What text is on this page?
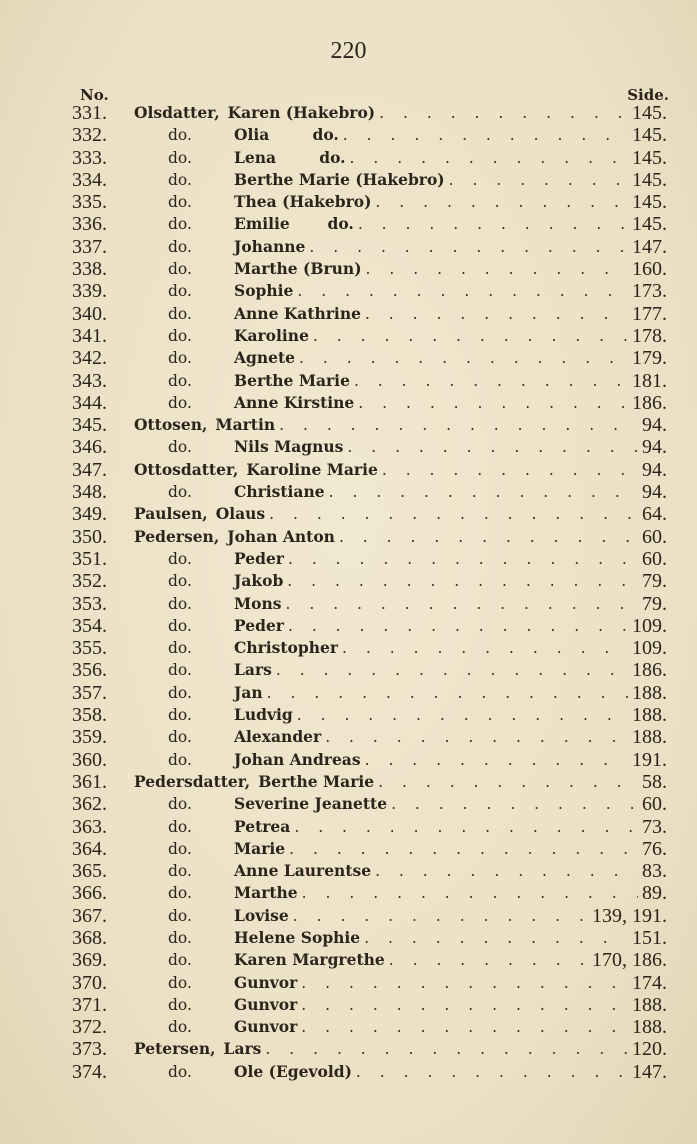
220
No.	Side.
331.	Olsdatter, Karen (Hakebro) . . .	145.
332.	do.	Olia        do. . . .	145.
333.	do.	Lena        do. . . .	145.
334.	do.	Berthe Marie (Hakebro) . . .	145.
335.	do.	Thea (Hakebro) . . .	145.
336.	do.	Emilie       do. . . .	145.
337.	do.	Johanne . . .	147.
338.	do.	Marthe (Brun) . . .	160.
339.	do.	Sophie . . .	173.
340.	do.	Anne Kathrine . . .	177.
341.	do.	Karoline . . .	178.
342.	do.	Agnete . . .	179.
343.	do.	Berthe Marie . . .	181.
344.	do.	Anne Kirstine . . .	186.
345.	Ottosen, Martin . . .	94.
346.	do.	Nils Magnus . . .	94.
347.	Ottosdatter, Karoline Marie . . .	94.
348.	do.	Christiane . . .	94.
349.	Paulsen, Olaus . . .	64.
350.	Pedersen, Johan Anton . . .	60.
351.	do.	Peder . . .	60.
352.	do.	Jakob . . .	79.
353.	do.	Mons . . .	79.
354.	do.	Peder . . .	109.
355.	do.	Christopher . . .	109.
356.	do.	Lars . . .	186.
357.	do.	Jan . . .	188.
358.	do.	Ludvig . . .	188.
359.	do.	Alexander . . .	188.
360.	do.	Johan Andreas . . .	191.
361.	Pedersdatter, Berthe Marie . . .	58.
362.	do.	Severine Jeanette . . .	60.
363.	do.	Petrea . . .	73.
364.	do.	Marie . . .	76.
365.	do.	Anne Laurentse . . .	83.
366.	do.	Marthe . . .	89.
367.	do.	Lovise . . .	139, 191.
368.	do.	Helene Sophie . . .	151.
369.	do.	Karen Margrethe . . .	170, 186.
370.	do.	Gunvor . . .	174.
371.	do.	Gunvor . . .	188.
372.	do.	Gunvor . . .	188.
373.	Petersen, Lars . . .	120.
374.	do.	Ole (Egevold) . . .	147.
